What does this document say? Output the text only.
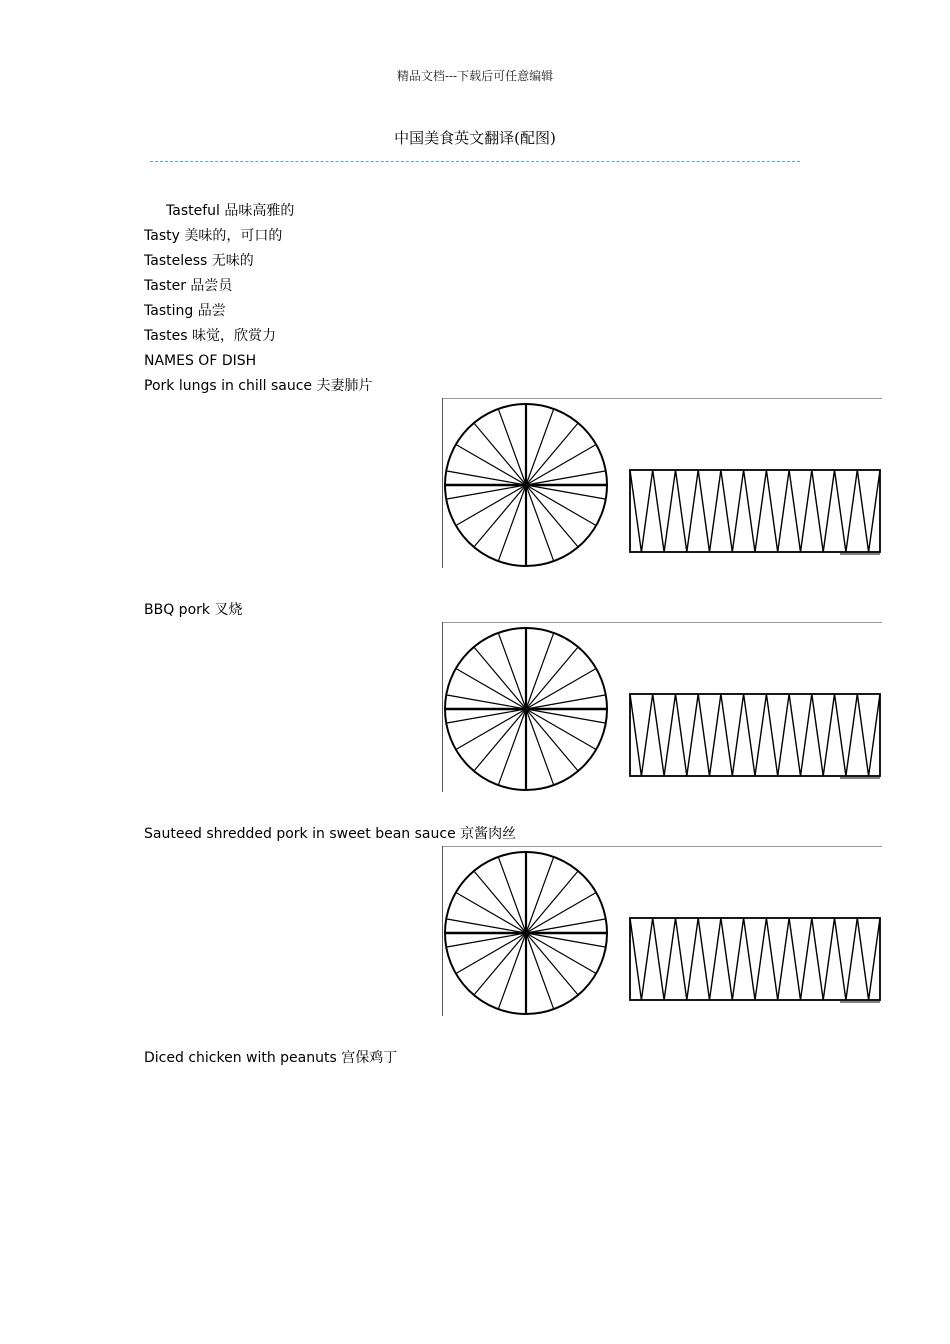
精品文档---下载后可任意编辑
中国美食英文翻译(配图)
Tasteful 品味高雅的
Tasty 美味的，可口的
Tasteless 无味的
Taster 品尝员
Tasting 品尝
Tastes 味觉，欣赏力
NAMES OF DISH
Pork lungs in chill sauce 夫妻肺片
BBQ pork 叉烧
Sauteed shredded pork in sweet bean sauce 京酱肉丝
Diced chicken with peanuts 宫保鸡丁
